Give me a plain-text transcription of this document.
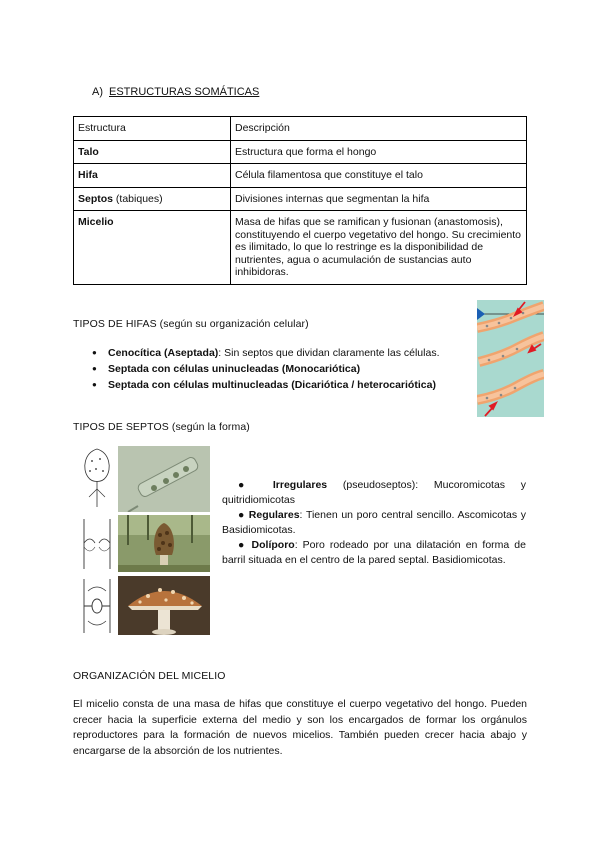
A) ESTRUCTURAS SOMÁTICAS
Estructura	Descripción
Talo	Estructura que forma el hongo
Hifa	Célula filamentosa que constituye el talo
Septos (tabiques)	Divisiones internas que segmentan la hifa
Micelio	Masa de hifas que se ramifican y fusionan (anastomosis), constituyendo el cuerpo vegetativo del hongo. Su crecimiento es ilimitado, lo que lo restringe es la disponibilidad de nutrientes, agua o acumulación de sustancias auto inhibidoras.
TIPOS DE HIFAS (según su organización celular)
● Cenocítica (Aseptada): Sin septos que dividan claramente las células.
● Septada con células uninucleadas (Monocariótica)
● Septada con células multinucleadas (Dicariótica / heterocariótica)
TIPOS DE SEPTOS (según la forma)

● Irregulares (pseudoseptos): Mucoromicotas y quitridiomicotas

● Regulares: Tienen un poro central sencillo. Ascomicotas y Basidiomicotas.

● Dolíporo: Poro rodeado por una dilatación en forma de barril situada en el centro de la pared septal. Basidiomicotas.

ORGANIZACIÓN DEL MICELIO
El micelio consta de una masa de hifas que constituye el cuerpo vegetativo del hongo. Pueden crecer hacia la superficie externa del medio y son los encargados de formar los orgánulos reproductores para la formación de nuevos micelios. También pueden crecer hacia abajo y encargarse de la absorción de los nutrientes.
